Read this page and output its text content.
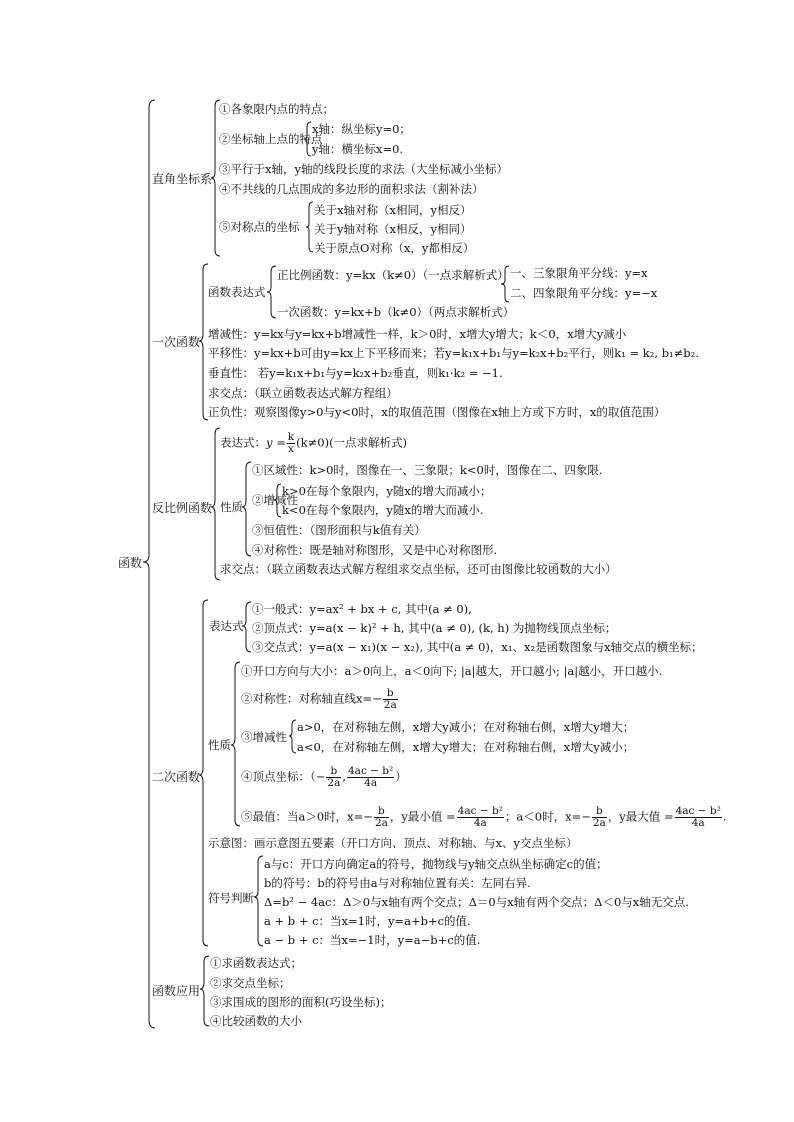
函数
直角坐标系
①各象限内点的特点；
②坐标轴上点的特点
x轴：纵坐标y=0；
y轴：横坐标x=0.
③平行于x轴，y轴的线段长度的求法（大坐标减小坐标）
④不共线的几点围成的多边形的面积求法（割补法）
⑤对称点的坐标
关于x轴对称（x相同，y相反）
关于y轴对称（x相反，y相同）
关于原点O对称（x，y都相反）
一次函数
函数表达式
正比例函数：y=kx（k≠0）（一点求解析式） 一、三象限角平分线：y=x
二、四象限角平分线：y=−x
一次函数：y=kx+b（k≠0）（两点求解析式）
增减性：y=kx与y=kx+b增减性一样，k＞0时，x增大y增大；k＜0，x增大y减小
平移性：y=kx+b可由y=kx上下平移而来；若y=k₁x+b₁与y=k₂x+b₂平行，则k₁ = k₂, b₁≠b₂.
垂直性： 若y=k₁x+b₁与y=k₂x+b₂垂直，则k₁·k₂ = −1.
求交点：（联立函数表达式解方程组）
正负性：观察图像y>0与y<0时，x的取值范围（图像在x轴上方或下方时，x的取值范围）
反比例函数
表达式：$y = \frac{k}{x} (k\ne 0)$(一点求解析式)
性质
①区域性：k>0时，图像在一、三象限；k<0时，图像在二、四象限.
②增减性
k>0在每个象限内，y随x的增大而减小；
k<0在每个象限内，y随x的增大而减小.
③恒值性：（图形面积与k值有关）
④对称性：既是轴对称图形，又是中心对称图形.
求交点：（联立函数表达式解方程组求交点坐标，还可由图像比较函数的大小）
二次函数
表达式
①一般式：y=ax² + bx + c, 其中(a ≠ 0),
②顶点式：y=a(x − k)² + h, 其中(a ≠ 0), (k, h) 为抛物线顶点坐标；
③交点式：y=a(x − x₁)(x − x₂), 其中(a ≠ 0)，x₁、x₂是函数图象与x轴交点的横坐标；
性质
①开口方向与大小：a＞0向上，a＜0向下; |a|越大，开口越小; |a|越小，开口越小.
②对称性：对称轴直线$x=- \frac{b}{2a}$
③增减性
a>0，在对称轴左侧，x增大y减小；在对称轴右侧，x增大y增大；
a<0，在对称轴左侧，x增大y增大；在对称轴右侧，x增大y减小；
④顶点坐标：（− $\frac{b}{2a}$ , $\frac{\text{4ac − b²}}{4a}$ ）
⑤最值：当a＞0时，$x=- \frac{b}{2a}$ ，y最小值 = $\frac{\text{4ac − b²}}{4a}$ ；a＜0时，$x=- \frac{b}{2a}$ ，y最大值 = $\frac{\text{4ac − b²}}{4a}$ .
示意图：画示意图五要素（开口方向、顶点、对称轴、与x、y交点坐标）
符号判断
a与c：开口方向确定a的符号，抛物线与y轴交点纵坐标确定c的值；
b的符号：b的符号由a与对称轴位置有关：左同右异.
Δ=b² − 4ac：Δ＞0与x轴有两个交点；Δ＝0与x轴有两个交点；Δ＜0与x轴无交点.
a + b + c：当x=1时，y=a+b+c的值.
a − b + c：当x=−1时，y=a−b+c的值.
函数应用
①求函数表达式；
②求交点坐标；
③求围成的图形的面积(巧设坐标)；
④比较函数的大小
